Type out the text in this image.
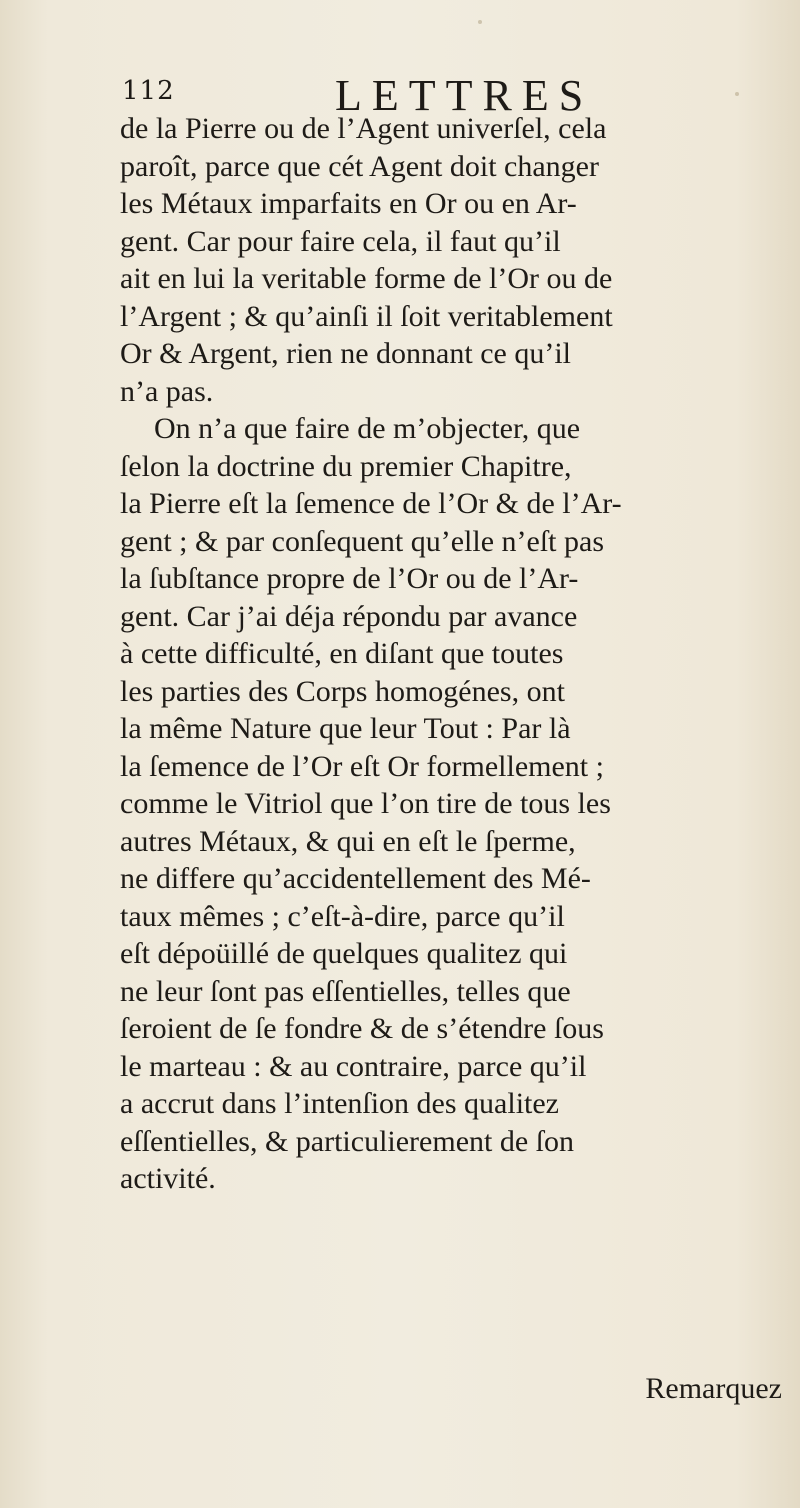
112	LETTRES
de la Pierre ou de l’Agent univerſel, cela
paroît, parce que cét Agent doit changer
les Métaux imparfaits en Or ou en Ar-
gent. Car pour faire cela, il faut qu’il
ait en lui la veritable forme de l’Or ou de
l’Argent ; & qu’ainſi il ſoit veritablement
Or & Argent, rien ne donnant ce qu’il
n’a pas.
On n’a que faire de m’objecter, que
ſelon la doctrine du premier Chapitre,
la Pierre eſt la ſemence de l’Or & de l’Ar-
gent ; & par conſequent qu’elle n’eſt pas
la ſubſtance propre de l’Or ou de l’Ar-
gent. Car j’ai déja répondu par avance
à cette difficulté, en diſant que toutes
les parties des Corps homogénes, ont
la même Nature que leur Tout : Par là
la ſemence de l’Or eſt Or formellement ;
comme le Vitriol que l’on tire de tous les
autres Métaux, & qui en eſt le ſperme,
ne differe qu’accidentellement des Mé-
taux mêmes ; c’eſt-à-dire, parce qu’il
eſt dépoüillé de quelques qualitez qui
ne leur ſont pas eſſentielles, telles que
ſeroient de ſe fondre & de s’étendre ſous
le marteau : & au contraire, parce qu’il
a accrut dans l’intenſion des qualitez
eſſentielles, & particulierement de ſon
activité.
Remarquez
